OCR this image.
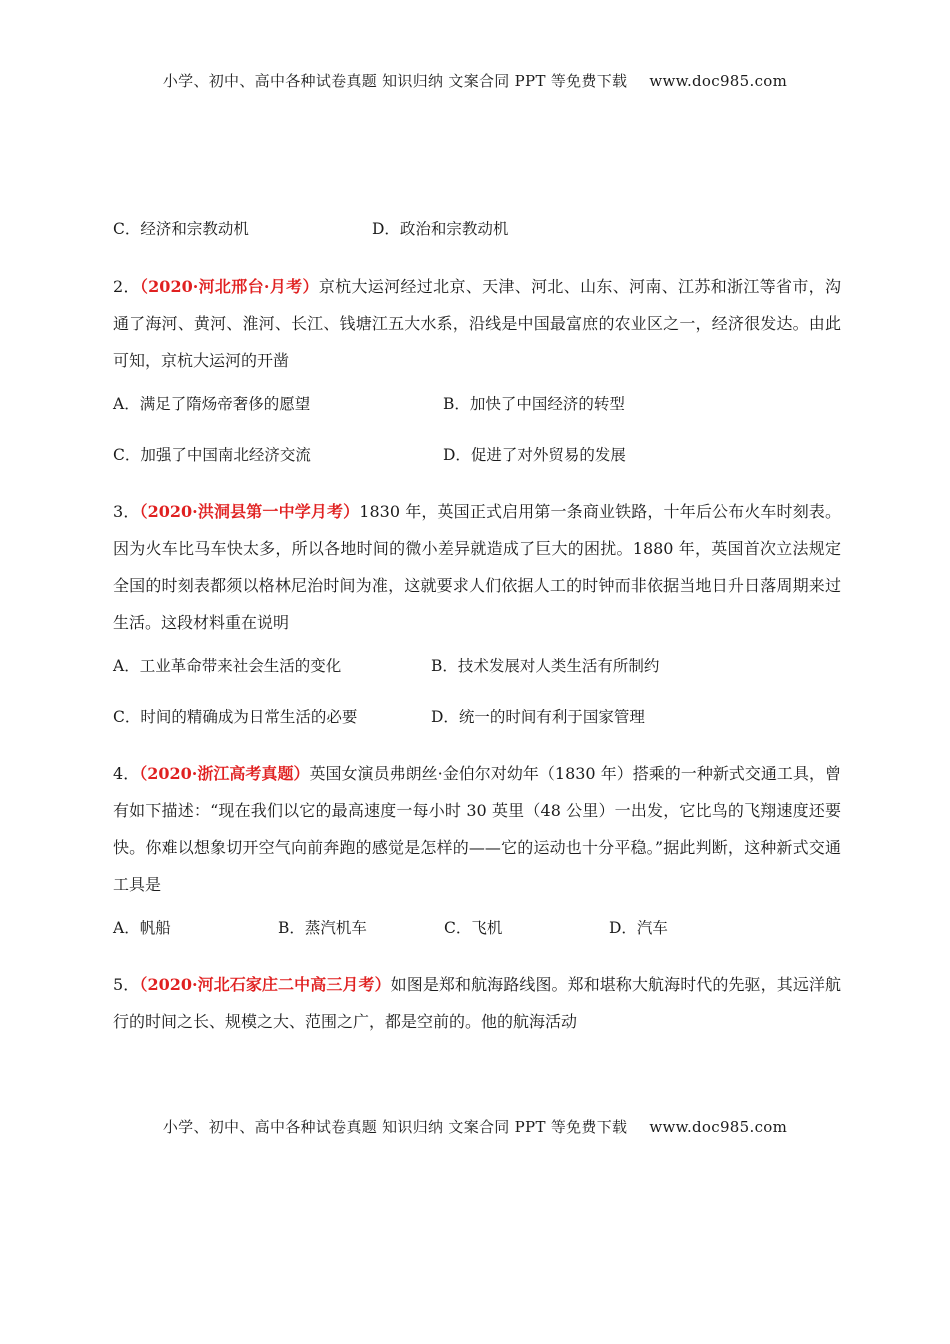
小学、初中、高中各种试卷真题 知识归纳 文案合同 PPT 等免费下载 www.doc985.com
C．经济和宗教动机	D．政治和宗教动机
2．（2020·河北邢台·月考）京杭大运河经过北京、天津、河北、山东、河南、江苏和浙江等省市，沟通了海河、黄河、淮河、长江、钱塘江五大水系，沿线是中国最富庶的农业区之一，经济很发达。由此可知，京杭大运河的开凿
A．满足了隋炀帝奢侈的愿望	B．加快了中国经济的转型
C．加强了中国南北经济交流	D．促进了对外贸易的发展
3．（2020·洪洞县第一中学月考）1830 年，英国正式启用第一条商业铁路，十年后公布火车时刻表。因为火车比马车快太多，所以各地时间的微小差异就造成了巨大的困扰。1880 年，英国首次立法规定全国的时刻表都须以格林尼治时间为准，这就要求人们依据人工的时钟而非依据当地日升日落周期来过生活。这段材料重在说明
A．工业革命带来社会生活的变化	B．技术发展对人类生活有所制约
C．时间的精确成为日常生活的必要	D．统一的时间有利于国家管理
4．（2020·浙江高考真题）英国女演员弗朗丝·金伯尔对幼年（1830 年）搭乘的一种新式交通工具，曾有如下描述：“现在我们以它的最高速度一每小时 30 英里（48 公里）一出发，它比鸟的飞翔速度还要快。你难以想象切开空气向前奔跑的感觉是怎样的——它的运动也十分平稳。”据此判断，这种新式交通工具是
A．帆船	B．蒸汽机车	C．飞机	D．汽车
5．（2020·河北石家庄二中高三月考）如图是郑和航海路线图。郑和堪称大航海时代的先驱，其远洋航行的时间之长、规模之大、范围之广，都是空前的。他的航海活动
小学、初中、高中各种试卷真题 知识归纳 文案合同 PPT 等免费下载 www.doc985.com
